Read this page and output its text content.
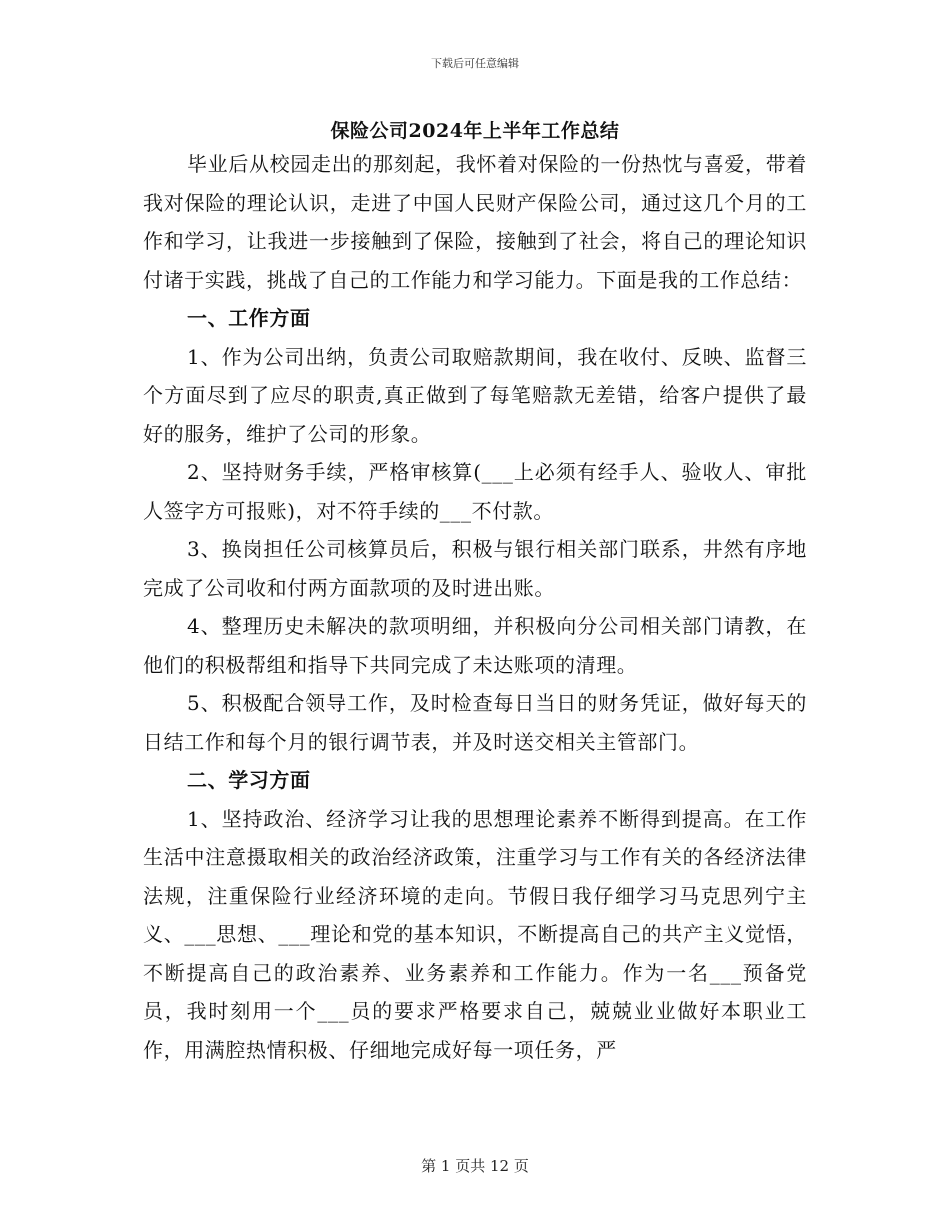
下载后可任意编辑
保险公司2024年上半年工作总结

毕业后从校园走出的那刻起，我怀着对保险的一份热忱与喜爱，带着我对保险的理论认识，走进了中国人民财产保险公司，通过这几个月的工作和学习，让我进一步接触到了保险，接触到了社会，将自己的理论知识付诸于实践，挑战了自己的工作能力和学习能力。下面是我的工作总结：

一、工作方面

1、作为公司出纳，负责公司取赔款期间，我在收付、反映、监督三个方面尽到了应尽的职责,真正做到了每笔赔款无差错，给客户提供了最好的服务，维护了公司的形象。

2、坚持财务手续，严格审核算(___上必须有经手人、验收人、审批人签字方可报账)，对不符手续的___不付款。

3、换岗担任公司核算员后，积极与银行相关部门联系，井然有序地完成了公司收和付两方面款项的及时进出账。

4、整理历史未解决的款项明细，并积极向分公司相关部门请教，在他们的积极帮组和指导下共同完成了未达账项的清理。

5、积极配合领导工作，及时检查每日当日的财务凭证，做好每天的日结工作和每个月的银行调节表，并及时送交相关主管部门。

二、学习方面

1、坚持政治、经济学习让我的思想理论素养不断得到提高。在工作生活中注意摄取相关的政治经济政策，注重学习与工作有关的各经济法律法规，注重保险行业经济环境的走向。节假日我仔细学习马克思列宁主义、___思想、___理论和党的基本知识，不断提高自己的共产主义觉悟，不断提高自己的政治素养、业务素养和工作能力。作为一名___预备党员，我时刻用一个___员的要求严格要求自己，兢兢业业做好本职业工作，用满腔热情积极、仔细地完成好每一项任务，严

第 1 页共 12 页
